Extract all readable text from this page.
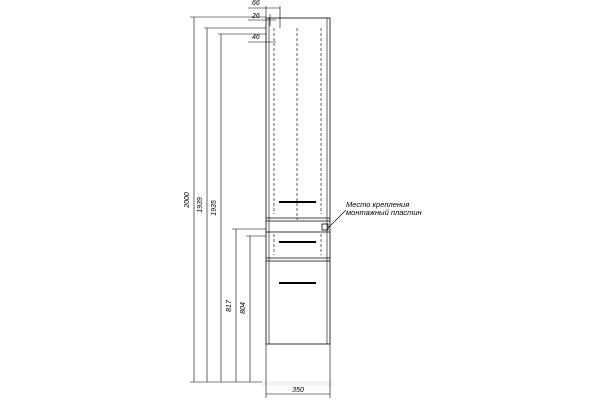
66
26
46
2000 1939 1935
817 804
350
Место крепления
монтажный пластин
